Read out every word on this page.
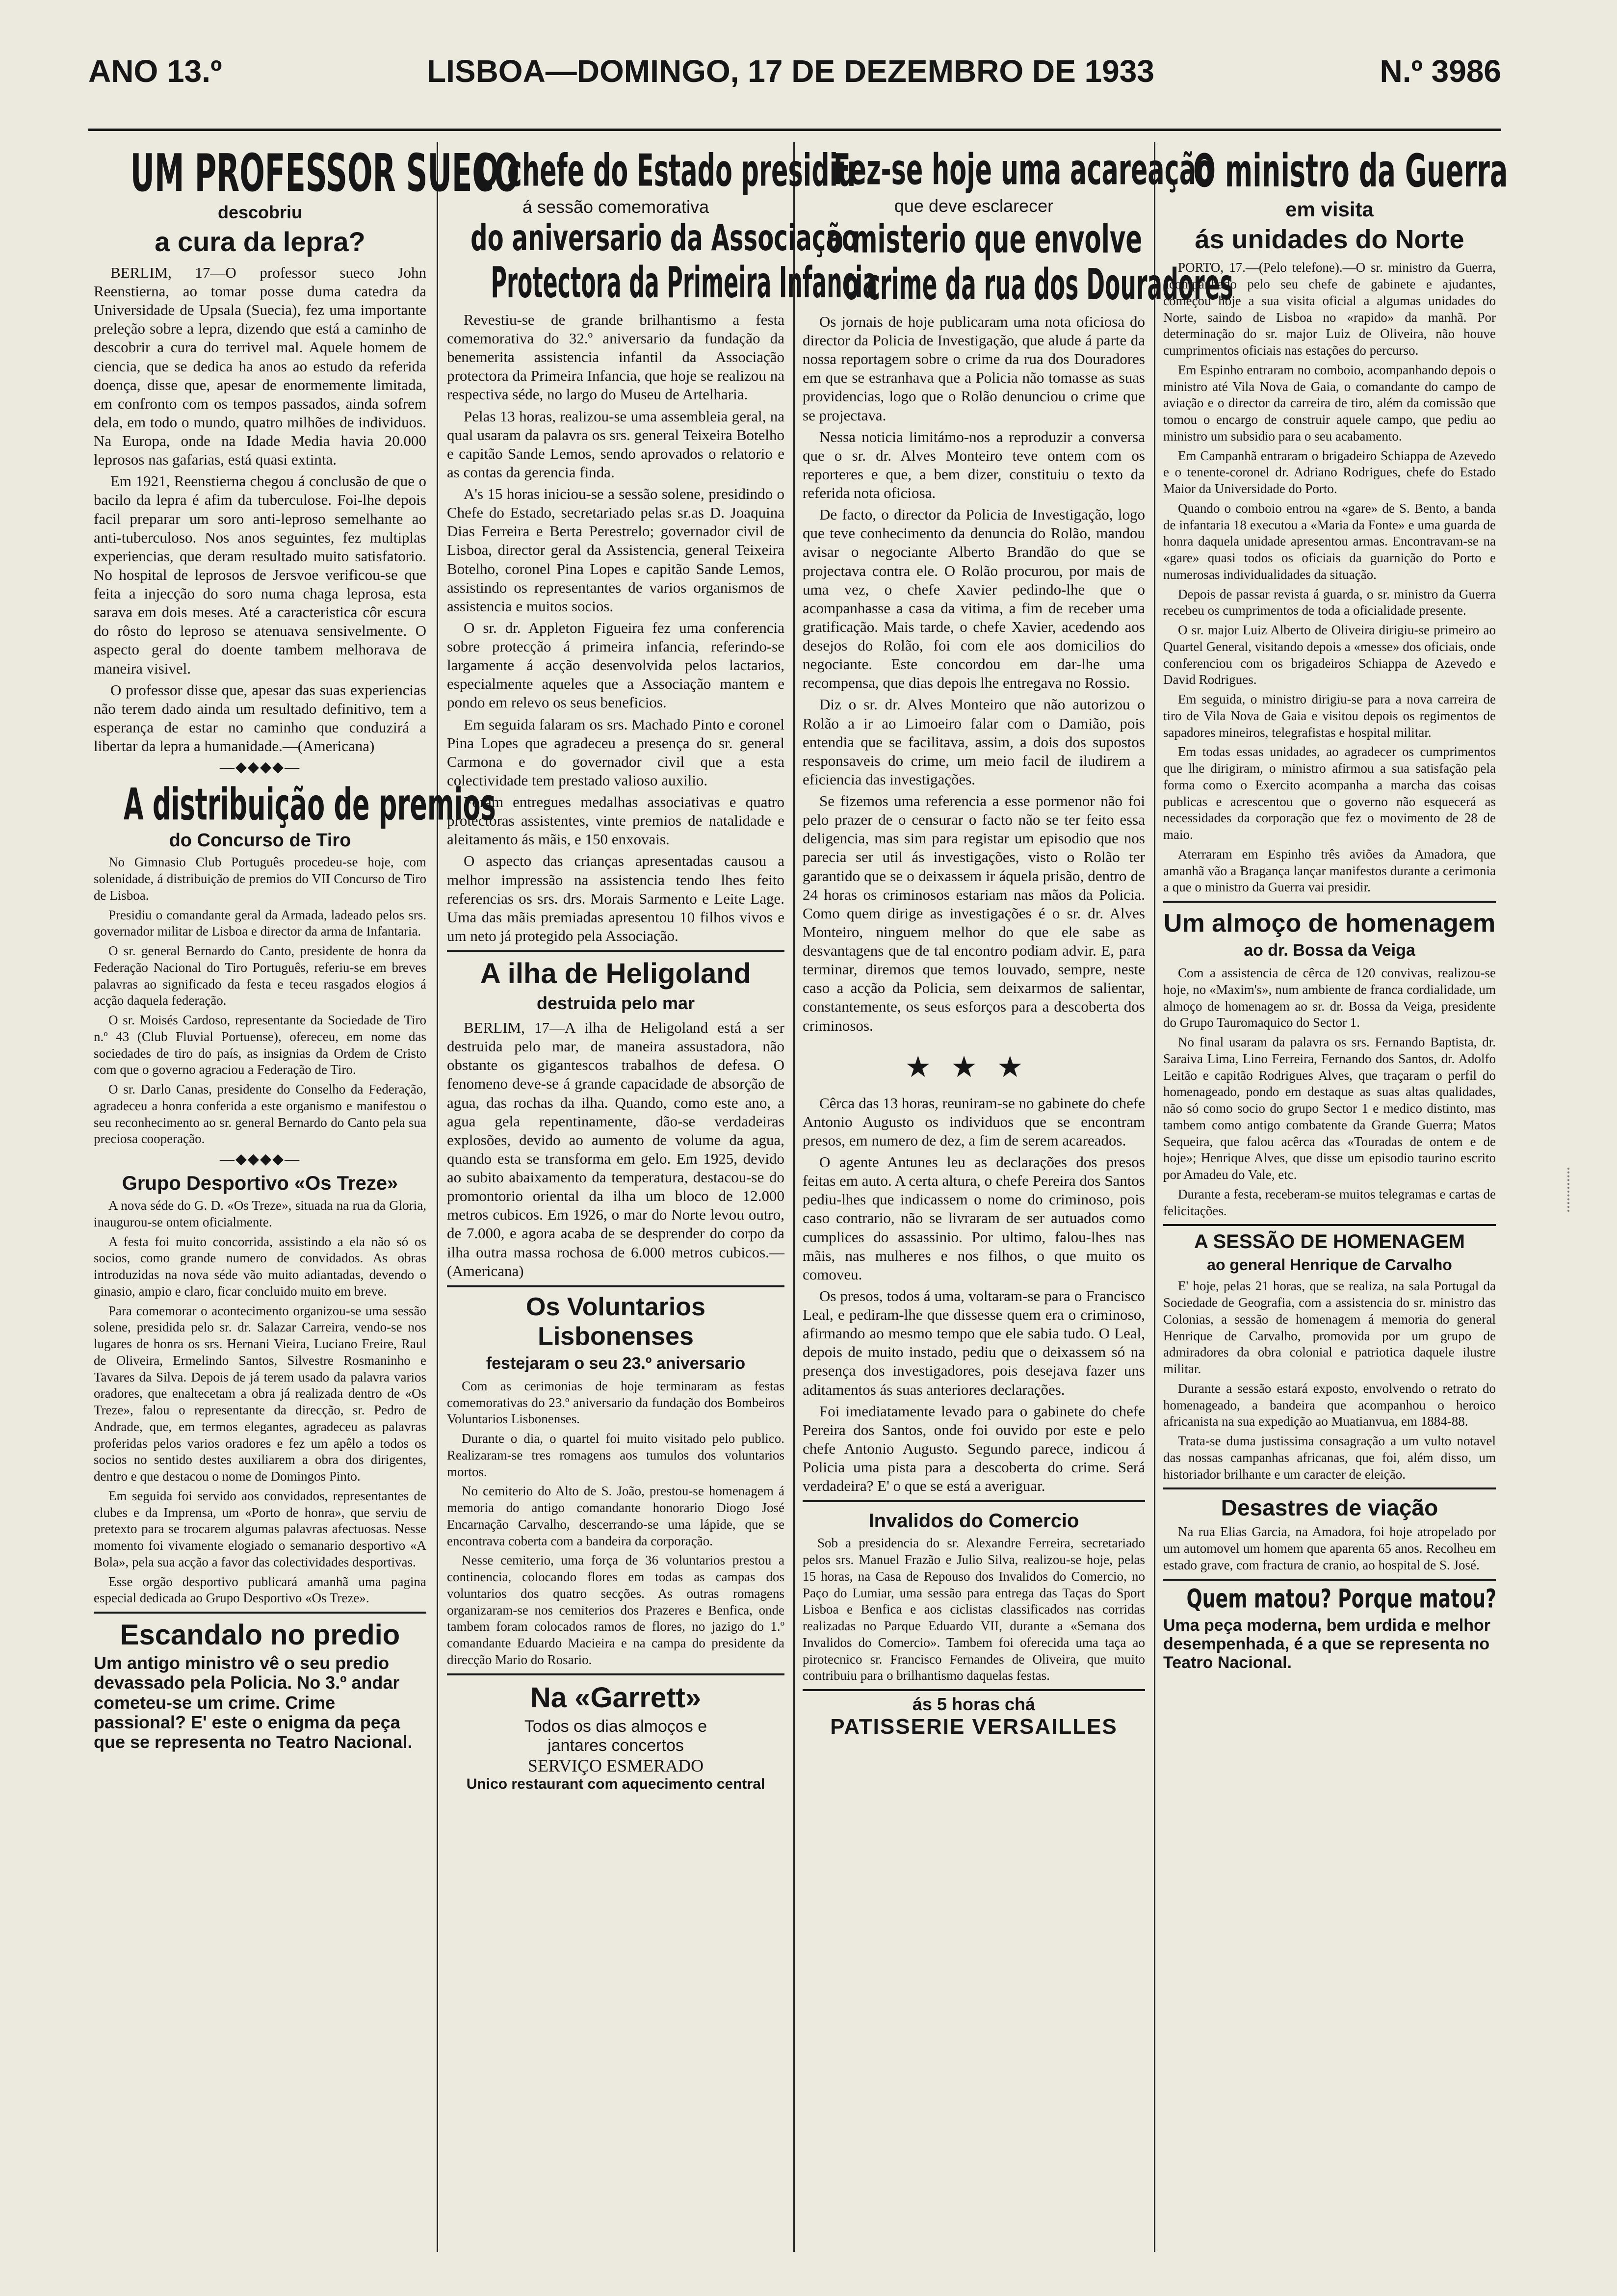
ANO 13.º	LISBOA—DOMINGO, 17 DE DEZEMBRO DE 1933	N.º 3986
UM PROFESSOR SUECO
descobriu
a cura da lepra?

BERLIM, 17—O professor sueco John Reenstierna, ao tomar posse duma catedra da Universidade de Upsala (Suecia), fez uma importante preleção sobre a lepra, dizendo que está a caminho de descobrir a cura do terrivel mal. Aquele homem de ciencia, que se dedica ha anos ao estudo da referida doença, disse que, apesar de enormemente limitada, em confronto com os tempos passados, ainda sofrem dela, em todo o mundo, quatro milhões de individuos. Na Europa, onde na Idade Media havia 20.000 leprosos nas gafarias, está quasi extinta.

Em 1921, Reenstierna chegou á conclusão de que o bacilo da lepra é afim da tuberculose. Foi-lhe depois facil preparar um soro anti-leproso semelhante ao anti-tuberculoso. Nos anos seguintes, fez multiplas experiencias, que deram resultado muito satisfatorio. No hospital de leprosos de Jersvoe verificou-se que feita a injecção do soro numa chaga leprosa, esta sarava em dois meses. Até a caracteristica côr escura do rôsto do leproso se atenuava sensivelmente. O aspecto geral do doente tambem melhorava de maneira visivel.

O professor disse que, apesar das suas experiencias não terem dado ainda um resultado definitivo, tem a esperança de estar no caminho que conduzirá a libertar da lepra a humanidade.—(Americana)

—◆◆◆◆—
A distribuição de premios
do Concurso de Tiro

No Gimnasio Club Português procedeu-se hoje, com solenidade, á distribuição de premios do VII Concurso de Tiro de Lisboa.

Presidiu o comandante geral da Armada, ladeado pelos srs. governador militar de Lisboa e director da arma de Infantaria.

O sr. general Bernardo do Canto, presidente de honra da Federação Nacional do Tiro Português, referiu-se em breves palavras ao significado da festa e teceu rasgados elogios á acção daquela federação.

O sr. Moisés Cardoso, representante da Sociedade de Tiro n.º 43 (Club Fluvial Portuense), ofereceu, em nome das sociedades de tiro do país, as insignias da Ordem de Cristo com que o governo agraciou a Federação de Tiro.

O sr. Darlo Canas, presidente do Conselho da Federação, agradeceu a honra conferida a este organismo e manifestou o seu reconhecimento ao sr. general Bernardo do Canto pela sua preciosa cooperação.

—◆◆◆◆—
Grupo Desportivo «Os Treze»

A nova séde do G. D. «Os Treze», situada na rua da Gloria, inaugurou-se ontem oficialmente.

A festa foi muito concorrida, assistindo a ela não só os socios, como grande numero de convidados. As obras introduzidas na nova séde vão muito adiantadas, devendo o ginasio, ampio e claro, ficar concluido muito em breve.

Para comemorar o acontecimento organizou-se uma sessão solene, presidida pelo sr. dr. Salazar Carreira, vendo-se nos lugares de honra os srs. Hernani Vieira, Luciano Freire, Raul de Oliveira, Ermelindo Santos, Silvestre Rosmaninho e Tavares da Silva. Depois de já terem usado da palavra varios oradores, que enaltecetam a obra já realizada dentro de «Os Treze», falou o representante da direcção, sr. Pedro de Andrade, que, em termos elegantes, agradeceu as palavras proferidas pelos varios oradores e fez um apêlo a todos os socios no sentido destes auxiliarem a obra dos dirigentes, dentro e que destacou o nome de Domingos Pinto.

Em seguida foi servido aos convidados, representantes de clubes e da Imprensa, um «Porto de honra», que serviu de pretexto para se trocarem algumas palavras afectuosas. Nesse momento foi vivamente elogiado o semanario desportivo «A Bola», pela sua acção a favor das colectividades desportivas.

Esse orgão desportivo publicará amanhã uma pagina especial dedicada ao Grupo Desportivo «Os Treze».

Escandalo no predio

Um antigo ministro vê o seu predio devassado pela Policia. No 3.º andar cometeu-se um crime. Crime passional? E' este o enigma da peça que se representa no Teatro Nacional.

O chefe do Estado presidiu
á sessão comemorativa
do aniversario da Associação
Protectora da Primeira Infancia

Revestiu-se de grande brilhantismo a festa comemorativa do 32.º aniversario da fundação da benemerita assistencia infantil da Associação protectora da Primeira Infancia, que hoje se realizou na respectiva séde, no largo do Museu de Artelharia.

Pelas 13 horas, realizou-se uma assembleia geral, na qual usaram da palavra os srs. general Teixeira Botelho e capitão Sande Lemos, sendo aprovados o relatorio e as contas da gerencia finda.

A's 15 horas iniciou-se a sessão solene, presidindo o Chefe do Estado, secretariado pelas sr.as D. Joaquina Dias Ferreira e Berta Perestrelo; governador civil de Lisboa, director geral da Assistencia, general Teixeira Botelho, coronel Pina Lopes e capitão Sande Lemos, assistindo os representantes de varios organismos de assistencia e muitos socios.

O sr. dr. Appleton Figueira fez uma conferencia sobre protecção á primeira infancia, referindo-se largamente á acção desenvolvida pelos lactarios, especialmente aqueles que a Associação mantem e pondo em relevo os seus beneficios.

Em seguida falaram os srs. Machado Pinto e coronel Pina Lopes que agradeceu a presença do sr. general Carmona e do governador civil que a esta colectividade tem prestado valioso auxilio.

Foram entregues medalhas associativas e quatro protectoras assistentes, vinte premios de natalidade e aleitamento ás mãis, e 150 enxovais.

O aspecto das crianças apresentadas causou a melhor impressão na assistencia tendo lhes feito referencias os srs. drs. Morais Sarmento e Leite Lage. Uma das mãis premiadas apresentou 10 filhos vivos e um neto já protegido pela Associação.

A ilha de Heligoland
destruida pelo mar

BERLIM, 17—A ilha de Heligoland está a ser destruida pelo mar, de maneira assustadora, não obstante os gigantescos trabalhos de defesa. O fenomeno deve-se á grande capacidade de absorção de agua, das rochas da ilha. Quando, como este ano, a agua gela repentinamente, dão-se verdadeiras explosões, devido ao aumento de volume da agua, quando esta se transforma em gelo. Em 1925, devido ao subito abaixamento da temperatura, destacou-se do promontorio oriental da ilha um bloco de 12.000 metros cubicos. Em 1926, o mar do Norte levou outro, de 7.000, e agora acaba de se desprender do corpo da ilha outra massa rochosa de 6.000 metros cubicos.—(Americana)

Os Voluntarios Lisbonenses
festejaram o seu 23.º aniversario

Com as cerimonias de hoje terminaram as festas comemorativas do 23.º aniversario da fundação dos Bombeiros Voluntarios Lisbonenses.

Durante o dia, o quartel foi muito visitado pelo publico. Realizaram-se tres romagens aos tumulos dos voluntarios mortos.

No cemiterio do Alto de S. João, prestou-se homenagem á memoria do antigo comandante honorario Diogo José Encarnação Carvalho, descerrando-se uma lápide, que se encontrava coberta com a bandeira da corporação.

Nesse cemiterio, uma força de 36 voluntarios prestou a continencia, colocando flores em todas as campas dos voluntarios dos quatro secções. As outras romagens organizaram-se nos cemiterios dos Prazeres e Benfica, onde tambem foram colocados ramos de flores, no jazigo do 1.º comandante Eduardo Macieira e na campa do presidente da direcção Mario do Rosario.

Na «Garrett»
Todos os dias almoços e
jantares concertos
SERVIÇO ESMERADO
Unico restaurant com aquecimento central
Fez-se hoje uma acareação
que deve esclarecer
o misterio que envolve
o crime da rua dos Douradores

Os jornais de hoje publicaram uma nota oficiosa do director da Policia de Investigação, que alude á parte da nossa reportagem sobre o crime da rua dos Douradores em que se estranhava que a Policia não tomasse as suas providencias, logo que o Rolão denunciou o crime que se projectava.

Nessa noticia limitámo-nos a reproduzir a conversa que o sr. dr. Alves Monteiro teve ontem com os reporteres e que, a bem dizer, constituiu o texto da referida nota oficiosa.

De facto, o director da Policia de Investigação, logo que teve conhecimento da denuncia do Rolão, mandou avisar o negociante Alberto Brandão do que se projectava contra ele. O Rolão procurou, por mais de uma vez, o chefe Xavier pedindo-lhe que o acompanhasse a casa da vitima, a fim de receber uma gratificação. Mais tarde, o chefe Xavier, acedendo aos desejos do Rolão, foi com ele aos domicilios do negociante. Este concordou em dar-lhe uma recompensa, que dias depois lhe entregava no Rossio.

Diz o sr. dr. Alves Monteiro que não autorizou o Rolão a ir ao Limoeiro falar com o Damião, pois entendia que se facilitava, assim, a dois dos supostos responsaveis do crime, um meio facil de iludirem a eficiencia das investigações.

Se fizemos uma referencia a esse pormenor não foi pelo prazer de o censurar o facto não se ter feito essa deligencia, mas sim para registar um episodio que nos parecia ser util ás investigações, visto o Rolão ter garantido que se o deixassem ir áquela prisão, dentro de 24 horas os criminosos estariam nas mãos da Policia. Como quem dirige as investigações é o sr. dr. Alves Monteiro, ninguem melhor do que ele sabe as desvantagens que de tal encontro podiam advir. E, para terminar, diremos que temos louvado, sempre, neste caso a acção da Policia, sem deixarmos de salientar, constantemente, os seus esforços para a descoberta dos criminosos.

★★★

Cêrca das 13 horas, reuniram-se no gabinete do chefe Antonio Augusto os individuos que se encontram presos, em numero de dez, a fim de serem acareados.

O agente Antunes leu as declarações dos presos feitas em auto. A certa altura, o chefe Pereira dos Santos pediu-lhes que indicassem o nome do criminoso, pois caso contrario, não se livraram de ser autuados como cumplices do assassinio. Por ultimo, falou-lhes nas mãis, nas mulheres e nos filhos, o que muito os comoveu.

Os presos, todos á uma, voltaram-se para o Francisco Leal, e pediram-lhe que dissesse quem era o criminoso, afirmando ao mesmo tempo que ele sabia tudo. O Leal, depois de muito instado, pediu que o deixassem só na presença dos investigadores, pois desejava fazer uns aditamentos ás suas anteriores declarações.

Foi imediatamente levado para o gabinete do chefe Pereira dos Santos, onde foi ouvido por este e pelo chefe Antonio Augusto. Segundo parece, indicou á Policia uma pista para a descoberta do crime. Será verdadeira? E' o que se está a averiguar.

Invalidos do Comercio

Sob a presidencia do sr. Alexandre Ferreira, secretariado pelos srs. Manuel Frazão e Julio Silva, realizou-se hoje, pelas 15 horas, na Casa de Repouso dos Invalidos do Comercio, no Paço do Lumiar, uma sessão para entrega das Taças do Sport Lisboa e Benfica e aos ciclistas classificados nas corridas realizadas no Parque Eduardo VII, durante a «Semana dos Invalidos do Comercio». Tambem foi oferecida uma taça ao pirotecnico sr. Francisco Fernandes de Oliveira, que muito contribuiu para o brilhantismo daquelas festas.

ás 5 horas chá
PATISSERIE VERSAILLES
O ministro da Guerra
em visita
ás unidades do Norte

PORTO, 17.—(Pelo telefone).—O sr. ministro da Guerra, acompanhado pelo seu chefe de gabinete e ajudantes, começou hoje a sua visita oficial a algumas unidades do Norte, saindo de Lisboa no «rapido» da manhã. Por determinação do sr. major Luiz de Oliveira, não houve cumprimentos oficiais nas estações do percurso.

Em Espinho entraram no comboio, acompanhando depois o ministro até Vila Nova de Gaia, o comandante do campo de aviação e o director da carreira de tiro, além da comissão que tomou o encargo de construir aquele campo, que pediu ao ministro um subsidio para o seu acabamento.

Em Campanhã entraram o brigadeiro Schiappa de Azevedo e o tenente-coronel dr. Adriano Rodrigues, chefe do Estado Maior da Universidade do Porto.

Quando o comboio entrou na «gare» de S. Bento, a banda de infantaria 18 executou a «Maria da Fonte» e uma guarda de honra daquela unidade apresentou armas. Encontravam-se na «gare» quasi todos os oficiais da guarnição do Porto e numerosas individualidades da situação.

Depois de passar revista á guarda, o sr. ministro da Guerra recebeu os cumprimentos de toda a oficialidade presente.

O sr. major Luiz Alberto de Oliveira dirigiu-se primeiro ao Quartel General, visitando depois a «messe» dos oficiais, onde conferenciou com os brigadeiros Schiappa de Azevedo e David Rodrigues.

Em seguida, o ministro dirigiu-se para a nova carreira de tiro de Vila Nova de Gaia e visitou depois os regimentos de sapadores mineiros, telegrafistas e hospital militar.

Em todas essas unidades, ao agradecer os cumprimentos que lhe dirigiram, o ministro afirmou a sua satisfação pela forma como o Exercito acompanha a marcha das coisas publicas e acrescentou que o governo não esquecerá as necessidades da corporação que fez o movimento de 28 de maio.

Aterraram em Espinho três aviões da Amadora, que amanhã vão a Bragança lançar manifestos durante a cerimonia a que o ministro da Guerra vai presidir.

Um almoço de homenagem
ao dr. Bossa da Veiga

Com a assistencia de cêrca de 120 convivas, realizou-se hoje, no «Maxim's», num ambiente de franca cordialidade, um almoço de homenagem ao sr. dr. Bossa da Veiga, presidente do Grupo Tauromaquico do Sector 1.

No final usaram da palavra os srs. Fernando Baptista, dr. Saraiva Lima, Lino Ferreira, Fernando dos Santos, dr. Adolfo Leitão e capitão Rodrigues Alves, que traçaram o perfil do homenageado, pondo em destaque as suas altas qualidades, não só como socio do grupo Sector 1 e medico distinto, mas tambem como antigo combatente da Grande Guerra; Matos Sequeira, que falou acêrca das «Touradas de ontem e de hoje»; Henrique Alves, que disse um episodio taurino escrito por Amadeu do Vale, etc.

Durante a festa, receberam-se muitos telegramas e cartas de felicitações.

A SESSÃO DE HOMENAGEM
ao general Henrique de Carvalho

E' hoje, pelas 21 horas, que se realiza, na sala Portugal da Sociedade de Geografia, com a assistencia do sr. ministro das Colonias, a sessão de homenagem á memoria do general Henrique de Carvalho, promovida por um grupo de admiradores da obra colonial e patriotica daquele ilustre militar.

Durante a sessão estará exposto, envolvendo o retrato do homenageado, a bandeira que acompanhou o heroico africanista na sua expedição ao Muatianvua, em 1884-88.

Trata-se duma justissima consagração a um vulto notavel das nossas campanhas africanas, que foi, além disso, um historiador brilhante e um caracter de eleição.

Desastres de viação

Na rua Elias Garcia, na Amadora, foi hoje atropelado por um automovel um homem que aparenta 65 anos. Recolheu em estado grave, com fractura de cranio, ao hospital de S. José.

Quem matou? Porque matou?

Uma peça moderna, bem urdida e melhor desempenhada, é a que se representa no Teatro Nacional.
